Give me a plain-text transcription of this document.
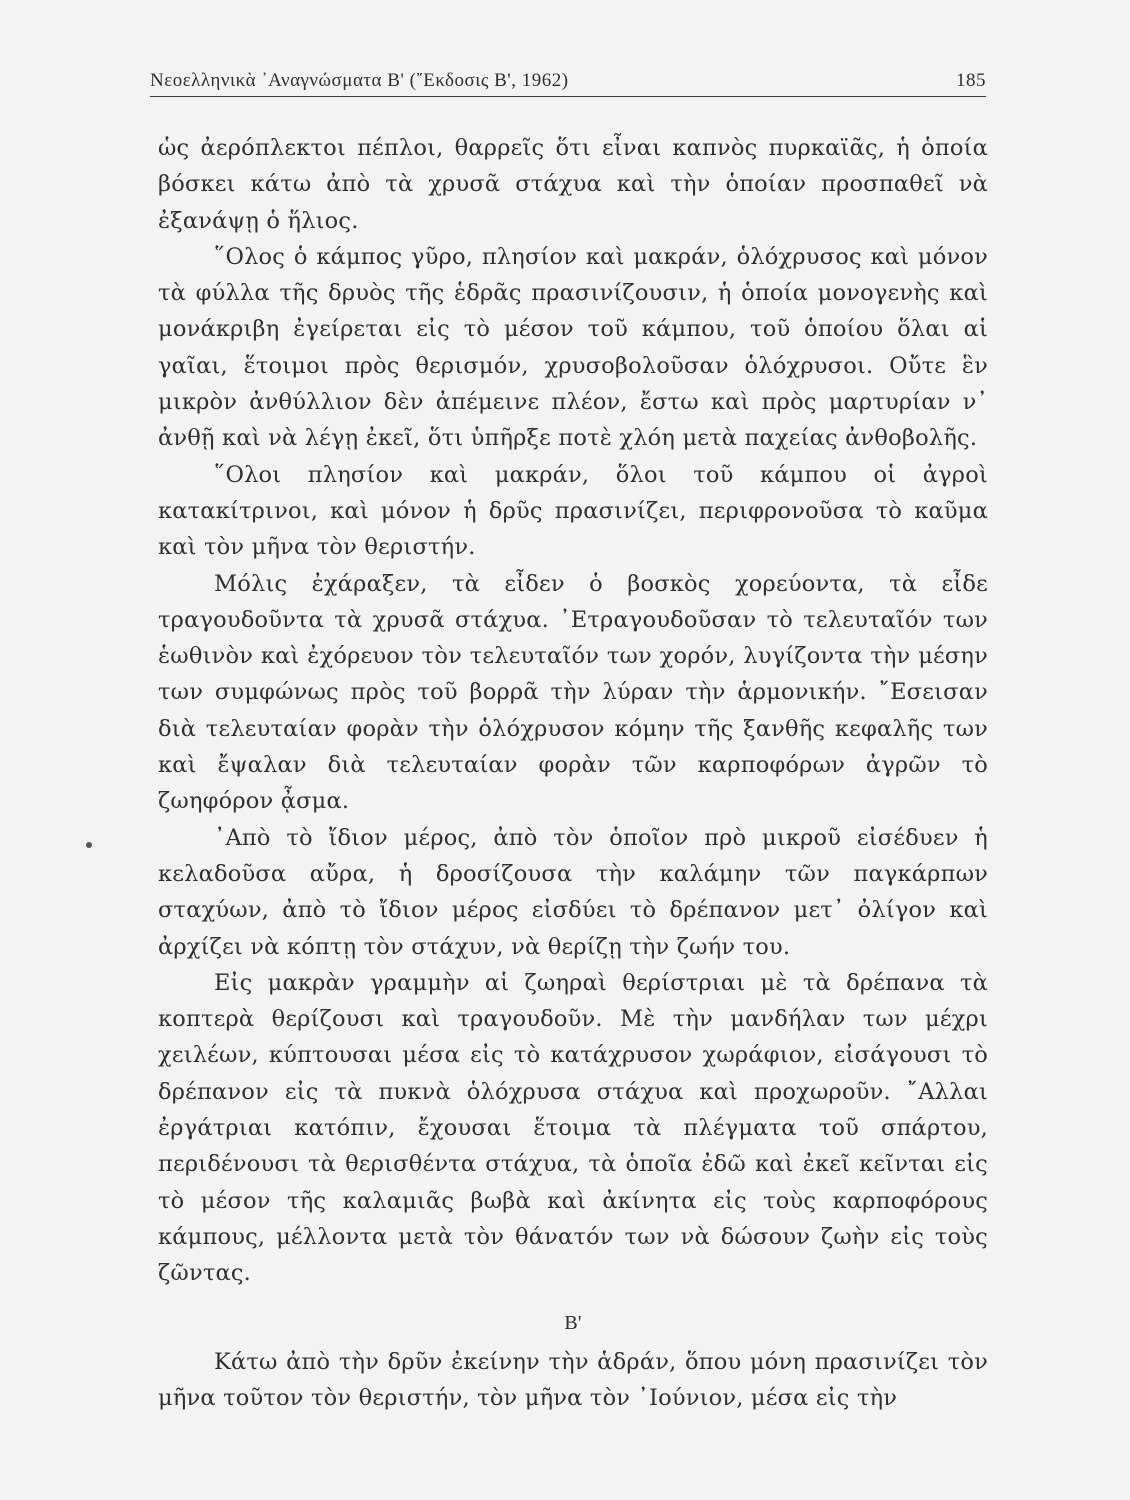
Νεοελληνικὰ ᾿Αναγνώσματα Β' (῎Εκδοσις Β', 1962)	185

ὡς ἀερόπλεκτοι πέπλοι, θαρρεῖς ὅτι εἶναι καπνὸς πυρκαϊᾶς, ἡ ὁποία βόσκει κάτω ἀπὸ τὰ χρυσᾶ στάχυα καὶ τὴν ὁποίαν προσπαθεῖ νὰ ἐξανάψῃ ὁ ἥλιος.

῞Ολος ὁ κάμπος γῦρο, πλησίον καὶ μακράν, ὁλόχρυσος καὶ μόνον τὰ φύλλα τῆς δρυὸς τῆς ἑδρᾶς πρασινίζουσιν, ἡ ὁποία μονογενὴς καὶ μονάκριβη ἐγείρεται εἰς τὸ μέσον τοῦ κάμπου, τοῦ ὁποίου ὅλαι αἱ γαῖαι, ἕτοιμοι πρὸς θερισμόν, χρυσοβολοῦσαν ὁλόχρυσοι. Οὔτε ἓν μικρὸν ἀνθύλλιον δὲν ἀπέμεινε πλέον, ἔστω καὶ πρὸς μαρτυρίαν ν᾿ ἀνθῇ καὶ νὰ λέγῃ ἐκεῖ, ὅτι ὑπῆρξε ποτὲ χλόη μετὰ παχείας ἀνθοβολῆς.

῞Ολοι πλησίον καὶ μακράν, ὅλοι τοῦ κάμπου οἱ ἀγροὶ κατακίτρινοι, καὶ μόνον ἡ δρῦς πρασινίζει, περιφρονοῦσα τὸ καῦμα καὶ τὸν μῆνα τὸν θεριστήν.

Μόλις ἐχάραξεν, τὰ εἶδεν ὁ βοσκὸς χορεύοντα, τὰ εἶδε τραγουδοῦντα τὰ χρυσᾶ στάχυα. ᾿Ετραγουδοῦσαν τὸ τελευταῖόν των ἑωθινὸν καὶ ἐχόρευον τὸν τελευταῖόν των χορόν, λυγίζοντα τὴν μέσην των συμφώνως πρὸς τοῦ βορρᾶ τὴν λύραν τὴν ἁρμονικήν. ῎Εσεισαν διὰ τελευταίαν φορὰν τὴν ὁλόχρυσον κόμην τῆς ξανθῆς κεφαλῆς των καὶ ἔψαλαν διὰ τελευταίαν φορὰν τῶν καρποφόρων ἀγρῶν τὸ ζωηφόρον ᾆσμα.

᾿Απὸ τὸ ἴδιον μέρος, ἀπὸ τὸν ὁποῖον πρὸ μικροῦ εἰσέδυεν ἡ κελαδοῦσα αὔρα, ἡ δροσίζουσα τὴν καλάμην τῶν παγκάρπων σταχύων, ἀπὸ τὸ ἴδιον μέρος εἰσδύει τὸ δρέπανον μετ᾿ ὀλίγον καὶ ἀρχίζει νὰ κόπτῃ τὸν στάχυν, νὰ θερίζῃ τὴν ζωήν του.

Εἰς μακρὰν γραμμὴν αἱ ζωηραὶ θερίστριαι μὲ τὰ δρέπανα τὰ κοπτερὰ θερίζουσι καὶ τραγουδοῦν. Μὲ τὴν μανδήλαν των μέχρι χειλέων, κύπτουσαι μέσα εἰς τὸ κατάχρυσον χωράφιον, εἰσάγουσι τὸ δρέπανον εἰς τὰ πυκνὰ ὁλόχρυσα στάχυα καὶ προχωροῦν. ῎Αλλαι ἐργάτριαι κατόπιν, ἔχουσαι ἕτοιμα τὰ πλέγματα τοῦ σπάρτου, περιδένουσι τὰ θερισθέντα στάχυα, τὰ ὁποῖα ἐδῶ καὶ ἐκεῖ κεῖνται εἰς τὸ μέσον τῆς καλαμιᾶς βωβὰ καὶ ἀκίνητα εἰς τοὺς καρποφόρους κάμπους, μέλλοντα μετὰ τὸν θάνατόν των νὰ δώσουν ζωὴν εἰς τοὺς ζῶντας.

Β'

Κάτω ἀπὸ τὴν δρῦν ἐκείνην τὴν ἁδράν, ὅπου μόνη πρασινίζει τὸν μῆνα τοῦτον τὸν θεριστήν, τὸν μῆνα τὸν ᾿Ιούνιον, μέσα εἰς τὴν
